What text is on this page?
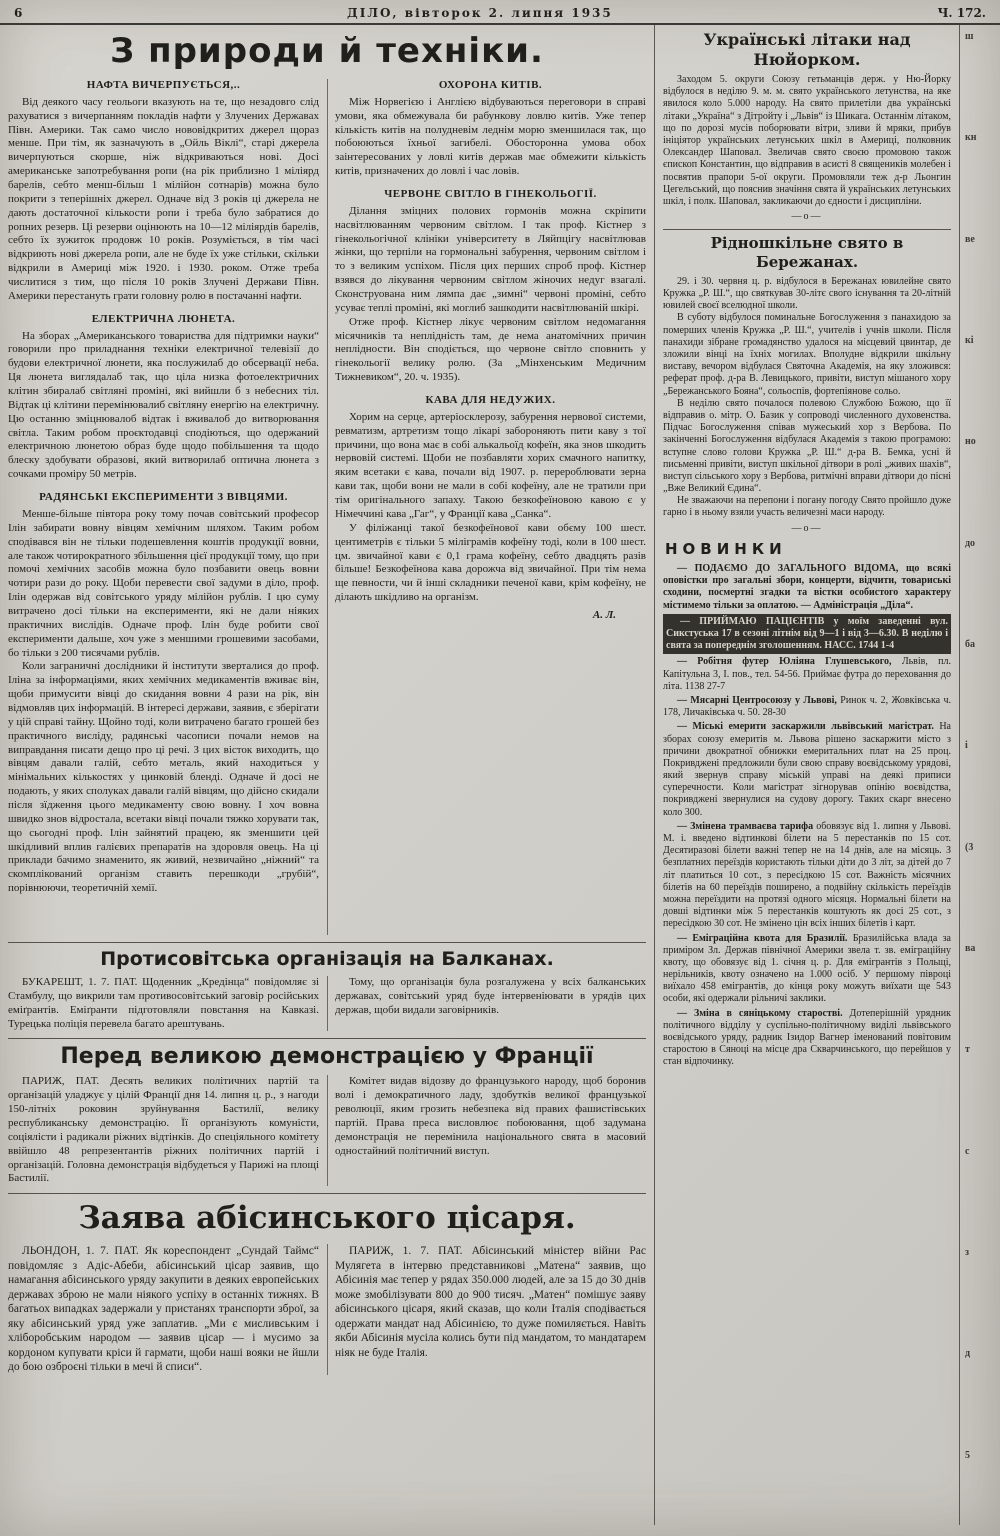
6	ДІЛО, вівторок 2. липня 1935	Ч. 172.
З природи й техніки.
НАФТА ВИЧЕРПУЄТЬСЯ,..

Від деякого часу геольоги вказують на те, що незадовго слід рахуватися з вичерпанням покладів нафти у Злучених Державах Півн. Америки. Так само число нововідкритих джерел щораз менше. При тім, як зазначують в „Ойль Віклі“, старі джерела вичерпуються скорше, ніж відкриваються нові. Досі американське запотребування ропи (на рік приблизно 1 міліярд барелів, себто менш-більш 1 мілійон сотнарів) можна було покрити з теперішніх джерел. Одначе від 3 років ці джерела не дають достаточної кількости ропи і треба було забратися до ропних резерв. Ці резерви оцінюють на 10—12 міліярдів барелів, себто їх зужиток продовж 10 років. Розуміється, в тім часі відкриють нові джерела ропи, але не буде їх уже стільки, скільки відкрили в Америці між 1920. і 1930. роком. Отже треба числитися з тим, що після 10 років Злучені Держави Півн. Америки перестануть грати головну ролю в постачанні нафти.

ЕЛЕКТРИЧНА ЛЮНЕТА.

На зборах „Американського товариства для підтримки науки“ говорили про приладнання техніки електричної телевізії до будови електричної люнети, яка послужилаб до обсервації неба. Ця люнета виглядалаб так, що ціла низка фотоелектричних клітин збиралаб світляні проміні, які вийшли б з небесних тіл. Відтак ці клітини перемінювалиб світляну енергію на електричну. Цю останню зміцнювалоб відтак і вживалоб до витворювання світла. Таким робом проєктодавці сподіються, що одержаний електричною люнетою образ буде щодо побільшення та щодо блеску здобувати образові, який витворилаб оптична люнета з сочками проміру 50 метрів.

РАДЯНСЬКІ ЕКСПЕРИМЕНТИ З ВІВЦЯМИ.

Менше-більше півтора року тому почав совітський професор Ілін забирати вовну вівцям хемічним шляхом. Таким робом сподівався він не тільки подешевлення коштів продукції вовни, але також чотирократного збільшення цієї продукції тому, що при помочі хемічних засобів можна було позбавити овець вовни чотири рази до року. Щоби перевести свої задуми в діло, проф. Ілін одержав від совітського уряду мілійон рублів. І цю суму витрачено досі тільки на експерименти, які не дали ніяких практичних вислідів. Одначе проф. Ілін буде робити свої експерименти дальше, хоч уже з меншими грошевими засобами, бо тільки з 200 тисячами рублів.

Коли заграничні дослідники й інститути зверталися до проф. Іліна за інформаціями, яких хемічних медикаментів вживає він, щоби примусити вівці до скидання вовни 4 рази на рік, він відмовляв цих інформацій. В інтересі держави, заявив, є зберігати у цій справі тайну. Щойно тоді, коли витрачено багато грошей без практичного висліду, радянські часописи почали немов на виправдання писати дещо про ці речі. З цих вісток виходить, що вівцям давали галій, себто металь, який находиться у мінімальних кількостях у цинковій бленді. Одначе й досі не подають, у яких сполуках давали галій вівцям, що дійсно скидали після зїдження цього медикаменту свою вовну. І хоч вовна швидко знов відростала, всетаки вівці почали тяжко хорувати так, що сьогодні проф. Ілін зайнятий працею, як зменшити цей шкідливий вплив галієвих препаратів на здоровля овець. На ці приклади бачимо знаменито, як живий, незвичайно „ніжний“ та скомплікований організм ставить перешкоди „грубій“, порівнюючи, теоретичній хемії.

ОХОРОНА КИТІВ.

Між Норвегією і Англією відбуваються переговори в справі умови, яка обмежувала би рабункову ловлю китів. Уже тепер кількість китів на полудневім леднім морю зменшилася так, що побоюються їхньої загибелі. Обосторонна умова обох заінтересованих у ловлі китів держав має обмежити кількість китів, призначених до ловлі і час ловів.

ЧЕРВОНЕ СВІТЛО В ГІНЕКОЛЬОГІЇ.

Ділання зміцних полових гормонів можна скріпити насвітлюванням червоним світлом. І так проф. Кістнер з гінекольогічної клініки університету в Ляйпцігу насвітлював жінки, що терпіли на гормональні забурення, червоним світлом і то з великим успіхом. Після цих перших спроб проф. Кістнер взявся до лікування червоним світлом жіночих недуг взагалі. Сконструована ним лямпа дає „зимні“ червоні проміні, себто усуває теплі проміні, які моглиб зашкодити насвітлюваній шкірі.

Отже проф. Кістнер лікує червоним світлом недомагання місячників та неплідність там, де нема анатомічних причин неплідности. Він сподіється, що червоне світло сповнить у гінекольогії велику ролю. (За „Мінхенським Медичним Тижневиком“, 20. ч. 1935).

КАВА ДЛЯ НЕДУЖИХ.

Хорим на серце, артеріосклерозу, забурення нервової системи, ревматизм, артретизм тощо лікарі забороняють пити каву з тої причини, що вона має в собі алькальоїд кофеїн, яка знов шкодить нервовій системі. Щоби не позбавляти хорих смачного напитку, яким всетаки є кава, почали від 1907. р. перероблювати зерна кави так, щоби вони не мали в собі кофеїну, але не тратили при тім оригінального запаху. Такою безкофеїновою кавою є у Німеччині кава „Гаг“, у Франції кава „Санка“.

У філіжанці такої безкофеїнової кави обєму 100 шест. центиметрів є тільки 5 міліграмів кофеїну тоді, коли в 100 шест. цм. звичайної кави є 0,1 грама кофеїну, себто двадцять разів більше! Безкофеїнова кава дорожча від звичайної. При тім нема ще певности, чи й інші складники печеної кави, крім кофеїну, не ділають шкідливо на організм.

А. Л.
Протисовітська організація на Балканах.

БУКАРЕШТ, 1. 7. ПАТ. Щоденник „Кредінца“ повідомляє зі Стамбулу, що викрили там противосовітський заговір російських еміґрантів. Еміґранти підготовляли повстання на Кавказі. Турецька поліція перевела багато арештувань.

Тому, що організація була розгалужена у всіх балканських державах, совітський уряд буде інтервеніювати в урядів цих держав, щоби видали заговірників.

Перед великою демонстрацією у Франції

ПАРИЖ, ПАТ. Десять великих політичних партій та організацій уладжує у цілій Франції дня 14. липня ц. р., з нагоди 150-літніх роковин зруйнування Бастилії, велику республиканську демонстрацію. Її організують комуністи, соціялісти і радикали ріжних відтінків. До спеціяльного комітету ввійшло 48 репрезентантів ріжних політичних партій і організацій. Головна демонстрація відбудеться у Парижі на площі Бастилії.

Комітет видав відозву до французького народу, щоб боронив волі і демократичного ладу, здобутків великої французької революції, яким грозить небезпека від правих фашистівських партій. Права преса висловлює побоювання, щоб задумана демонстрація не перемінила національного свята в масовий одностайний політичний виступ.

Заява абісинського цісаря.

ЛЬОНДОН, 1. 7. ПАТ. Як кореспондент „Сундай Таймс“ повідомляє з Адіс-Абеби, абісинський цісар заявив, що намагання абісинського уряду закупити в деяких европейських державах зброю не мали ніякого успіху в останніх тижнях. В багатьох випадках задержали у пристанях транспорти зброї, за яку абісинський уряд уже заплатив. „Ми є мисливським і хліборобським народом — заявив цісар — і мусимо за кордоном купувати кріси й гармати, щоби наші вояки не йшли до бою озброєні тільки в мечі й списи“.

ПАРИЖ, 1. 7. ПАТ. Абісинський міністер війни Рас Мулягета в інтервю представникові „Матена“ заявив, що Абісинія має тепер у рядах 350.000 людей, але за 15 до 30 днів може змобілізувати 800 до 900 тисяч. „Матен“ помішує заяву абісинського цісаря, який сказав, що коли Італія сподівається одержати мандат над Абісинією, то дуже помиляється. Навіть якби Абісинія мусіла колись бути під мандатом, то мандатарем ніяк не буде Італія.

Українські літаки над Нюйорком.

Заходом 5. округи Союзу гетьманців держ. у Ню-Йорку відбулося в неділю 9. м. м. свято українського летунства, на яке явилося коло 5.000 народу. На свято прилетіли два українські літаки „Україна“ з Дітройту і „Львів“ із Шикага. Останнім літаком, що по дорозі мусів поборювати вітри, зливи й мряки, прибув ініціятор українських летунських шкіл в Америці, полковник Олександер Шаповал. Звеличав свято своєю промовою також єпископ Константин, що відправив в асисті 8 священиків молебен і посвятив прапори 5-ої округи. Промовляли теж д-р Льонгин Цегельський, що пояснив значіння свята й українських летунських шкіл, і полк. Шаповал, закликаючи до єдности і дисципліни.

—о—
Рідношкільне свято в Бережанах.

29. і 30. червня ц. р. відбулося в Бережанах ювилейне свято Кружка „Р. Ш.“, що святкував 30-літє свого існування та 20-літній ювилей своєї вселюдної школи.

В суботу відбулося поминальне Богослуження з панахидою за померших членів Кружка „Р. Ш.“, учителів і учнів школи. Після панахиди зібране громадянство удалося на місцевий цвинтар, де зложили вінці на їхніх могилах. Вполудне відкрили шкільну виставу, вечором відбулася Святочна Академія, на яку зложився: реферат проф. д-ра В. Левицького, привіти, виступ мішаного хору „Бережанського Бояна“, сольоспів, фортепіянове сольо.

В неділю свято почалося полевою Службою Божою, що її відправив о. мітр. О. Базик у сопроводі численного духовенства. Підчас Богослуження співав мужеський хор з Вербова. По закінченні Богослуження відбулася Академія з такою програмою: вступне слово голови Кружка „Р. Ш.“ д-ра В. Бемка, усні й письменні привіти, виступ шкільної дітвори в ролі „живих шахів“, виступ сільського хору з Вербова, ритмічні вправи дітвори до пісні „Вже Великий Єдина“.

Не зважаючи на перепони і погану погоду Свято пройшло дуже гарно і в ньому взяли участь величезні маси народу.

—о—
НОВИНКИ

— ПОДАЄМО ДО ЗАГАЛЬНОГО ВІДОМА, що всякі оповістки про загальні збори, концерти, відчити, товариські сходини, посмертні згадки та вістки особистого характеру містимемо тільки за оплатою. — Адміністрація „Діла“.

— ПРИЙМАЮ ПАЦІЄНТІВ у моїм заведенні вул. Сикстуська 17 в сезоні літнім від 9—1 і від 3—6.30. В неділю і свята за попереднім зголошенням. НАСС. 1744 1-4

— Робітня футер Юліяна Глушевського, Львів, пл. Капітульна 3, І. пов., тел. 54-56. Приймає футра до переховання до літа. 1138 27-7

— Мясарні Центросоюзу у Львові, Ринок ч. 2, Жовківська ч. 178, Личаківська ч. 50. 28-30

— Міські емерити заскаржили львівський магістрат. На зборах союзу емеритів м. Львова рішено заскаржити місто з причини двократної обнижки емеритальних плат на 25 проц. Покривджені предложили були свою справу воєвідському урядові, який звернув справу міській управі на деякі приписи суперечности. Коли магістрат зігнорував опінію воєвідства, покривджені звернулися на судову дорогу. Таких скарг внесено коло 300.

— Змінена трамваєва тарифа обовязує від 1. липня у Львові. М. і. введено відтинкові білети на 5 перестанків по 15 сот. Десятиразові білети важні тепер не на 14 днів, але на місяць. З безплатних переїздів користають тільки діти до 3 літ, за дітей до 7 літ платиться 10 сот., з пересідкою 15 сот. Важність місячних білетів на 60 переїздів поширено, а подвійну скількість переїздів можна переїздити на протязі одного місяця. Нормальні білети на довші відтинки між 5 перестанків коштують як досі 25 сот., з пересідкою 30 сот. Не змінено цін всіх інших білетів і карт.

— Еміграційна квота для Бразилії. Бразилійська влада за приміром Зл. Держав північної Америки звела т. зв. еміграційну квоту, що обовязує від 1. січня ц. р. Для емігрантів з Польщі, нерільників, квоту означено на 1.000 осіб. У першому півроці виїхало 458 емігрантів, до кінця року можуть виїхати ще 543 особи, які одержали рільничі заклики.

— Зміна в сяніцькому старостві. Дотеперішній урядник політичного відділу у суспільно-політичному виділі львівського воєвідського уряду, радник Ізидор Вагнер іменований повітовим старостою в Сяноці на місце дра Скварчинського, що перейшов у стан відпочинку.

ш
кн
ве
кі
но
до
ба
і
(3
ва
т
с
з
д
5
